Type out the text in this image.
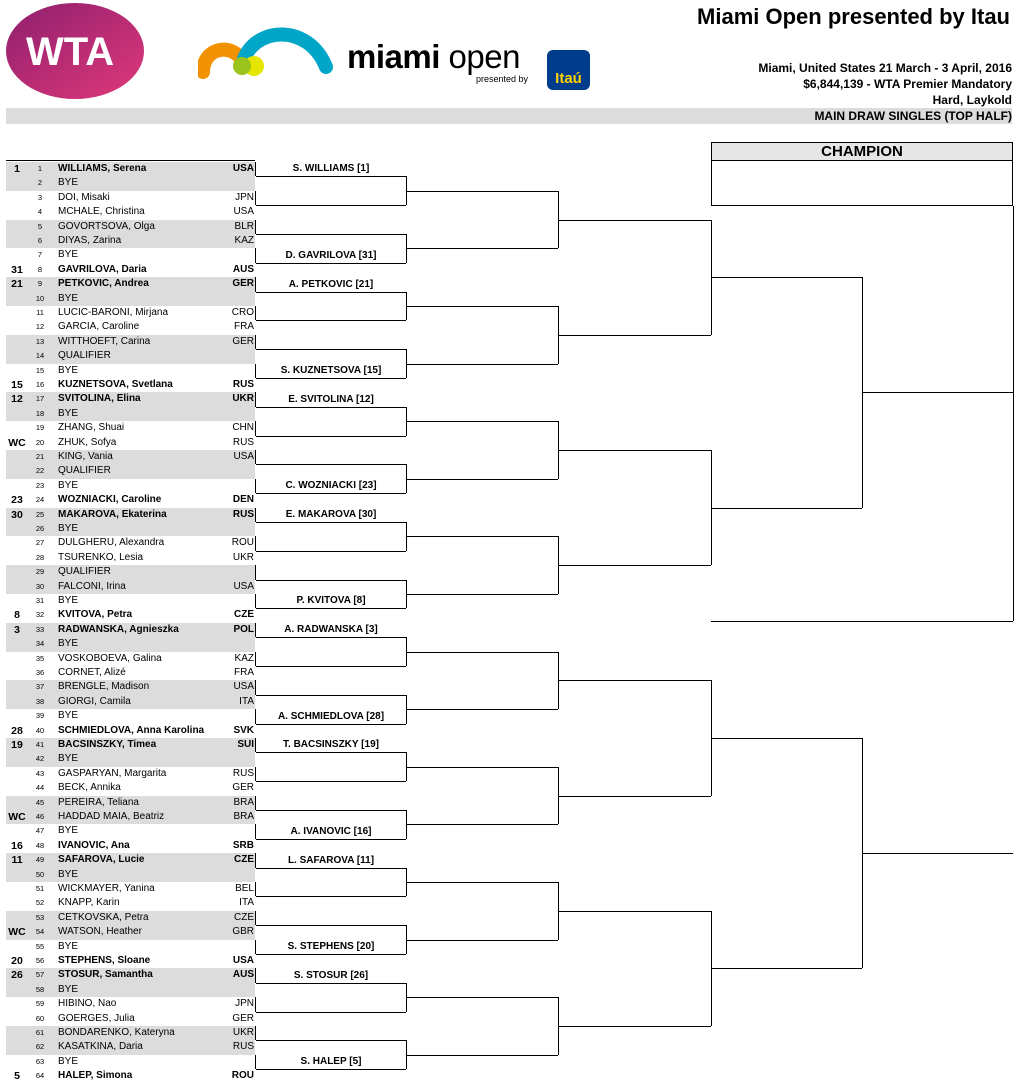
WTA	miami open
presented by	Itaú
Miami Open presented by Itau
Miami, United States 21 March - 3 April, 2016
$6,844,139 - WTA Premier Mandatory
Hard, Laykold
MAIN DRAW SINGLES (TOP HALF)
CHAMPION
1	1	WILLIAMS, Serena	USA
2	BYE
3	DOI, Misaki	JPN
4	MCHALE, Christina	USA
5	GOVORTSOVA, Olga	BLR
6	DIYAS, Zarina	KAZ
7	BYE
31	8	GAVRILOVA, Daria	AUS
21	9	PETKOVIC, Andrea	GER
10	BYE
11	LUCIC-BARONI, Mirjana	CRO
12	GARCIA, Caroline	FRA
13	WITTHOEFT, Carina	GER
14	QUALIFIER
15	BYE
15	16	KUZNETSOVA, Svetlana	RUS
12	17	SVITOLINA, Elina	UKR
18	BYE
19	ZHANG, Shuai	CHN
WC	20	ZHUK, Sofya	RUS
21	KING, Vania	USA
22	QUALIFIER
23	BYE
23	24	WOZNIACKI, Caroline	DEN
30	25	MAKAROVA, Ekaterina	RUS
26	BYE
27	DULGHERU, Alexandra	ROU
28	TSURENKO, Lesia	UKR
29	QUALIFIER
30	FALCONI, Irina	USA
31	BYE
8	32	KVITOVA, Petra	CZE
3	33	RADWANSKA, Agnieszka	POL
34	BYE
35	VOSKOBOEVA, Galina	KAZ
36	CORNET, Alizé	FRA
37	BRENGLE, Madison	USA
38	GIORGI, Camila	ITA
39	BYE
28	40	SCHMIEDLOVA, Anna Karolina	SVK
19	41	BACSINSZKY, Timea	SUI
42	BYE
43	GASPARYAN, Margarita	RUS
44	BECK, Annika	GER
45	PEREIRA, Teliana	BRA
WC	46	HADDAD MAIA, Beatriz	BRA
47	BYE
16	48	IVANOVIC, Ana	SRB
11	49	SAFAROVA, Lucie	CZE
50	BYE
51	WICKMAYER, Yanina	BEL
52	KNAPP, Karin	ITA
53	CETKOVSKA, Petra	CZE
WC	54	WATSON, Heather	GBR
55	BYE
20	56	STEPHENS, Sloane	USA
26	57	STOSUR, Samantha	AUS
58	BYE
59	HIBINO, Nao	JPN
60	GOERGES, Julia	GER
61	BONDARENKO, Kateryna	UKR
62	KASATKINA, Daria	RUS
63	BYE
5	64	HALEP, Simona	ROU
S. WILLIAMS [1]
D. GAVRILOVA [31]
A. PETKOVIC [21]
S. KUZNETSOVA [15]
E. SVITOLINA [12]
C. WOZNIACKI [23]
E. MAKAROVA [30]
P. KVITOVA [8]
A. RADWANSKA [3]
A. SCHMIEDLOVA [28]
T. BACSINSZKY [19]
A. IVANOVIC [16]
L. SAFAROVA [11]
S. STEPHENS [20]
S. STOSUR [26]
S. HALEP [5]
